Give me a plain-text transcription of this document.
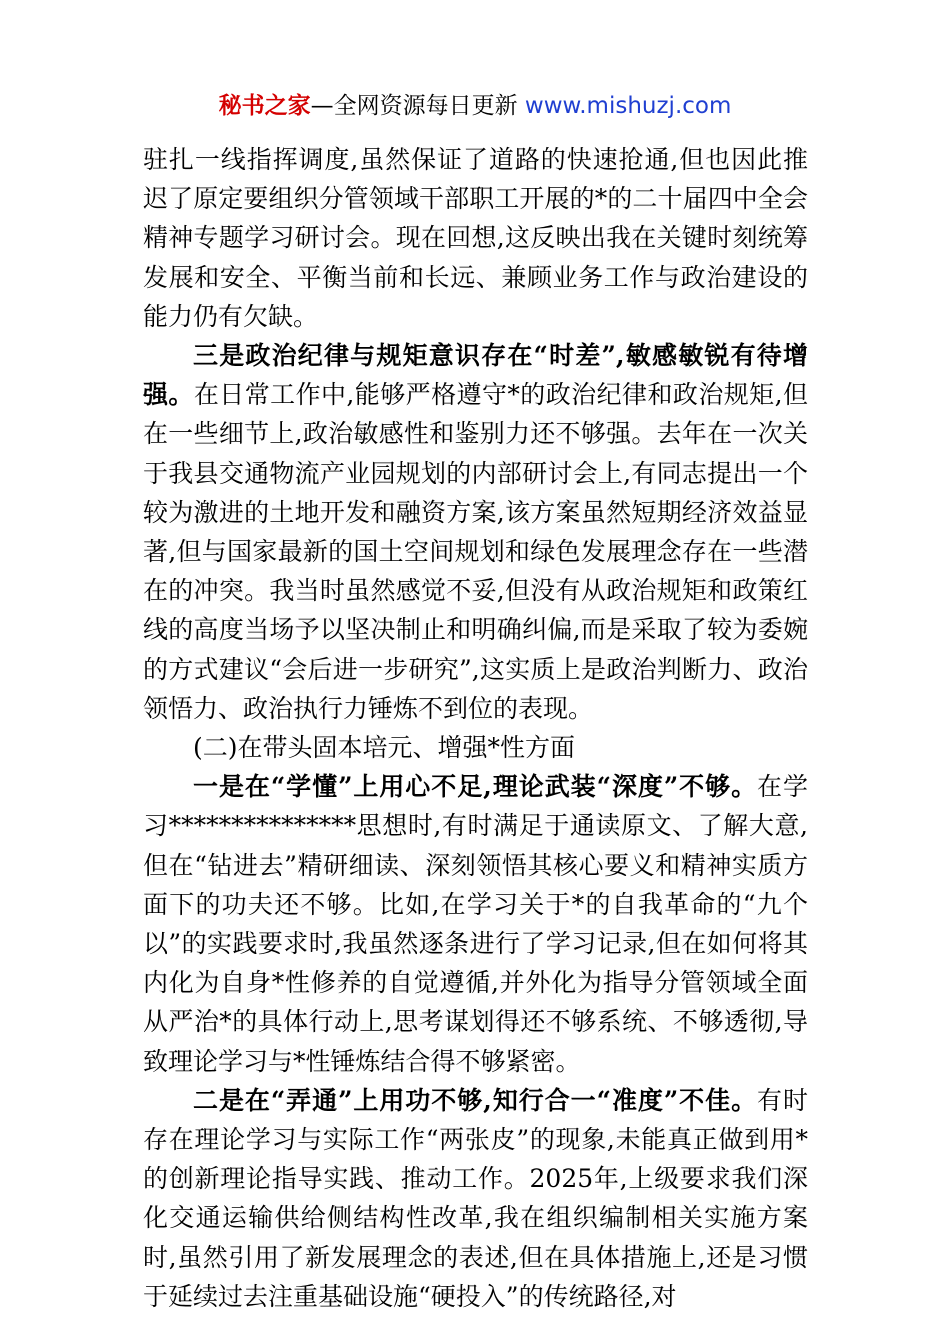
秘书之家—全网资源每日更新 www.mishuzj.com

驻扎一线指挥调度,虽然保证了道路的快速抢通,但也因此推迟了原定要组织分管领域干部职工开展的*的二十届四中全会精神专题学习研讨会。现在回想,这反映出我在关键时刻统筹发展和安全、平衡当前和长远、兼顾业务工作与政治建设的能力仍有欠缺。

三是政治纪律与规矩意识存在“时差”,敏感敏锐有待增强。在日常工作中,能够严格遵守*的政治纪律和政治规矩,但在一些细节上,政治敏感性和鉴别力还不够强。去年在一次关于我县交通物流产业园规划的内部研讨会上,有同志提出一个较为激进的土地开发和融资方案,该方案虽然短期经济效益显著,但与国家最新的国土空间规划和绿色发展理念存在一些潜在的冲突。我当时虽然感觉不妥,但没有从政治规矩和政策红线的高度当场予以坚决制止和明确纠偏,而是采取了较为委婉的方式建议“会后进一步研究”,这实质上是政治判断力、政治领悟力、政治执行力锤炼不到位的表现。

(二)在带头固本培元、增强*性方面

一是在“学懂”上用心不足,理论武装“深度”不够。在学习***************思想时,有时满足于通读原文、了解大意,但在“钻进去”精研细读、深刻领悟其核心要义和精神实质方面下的功夫还不够。比如,在学习关于*的自我革命的“九个以”的实践要求时,我虽然逐条进行了学习记录,但在如何将其内化为自身*性修养的自觉遵循,并外化为指导分管领域全面从严治*的具体行动上,思考谋划得还不够系统、不够透彻,导致理论学习与*性锤炼结合得不够紧密。

二是在“弄通”上用功不够,知行合一“准度”不佳。有时存在理论学习与实际工作“两张皮”的现象,未能真正做到用*的创新理论指导实践、推动工作。2025年,上级要求我们深化交通运输供给侧结构性改革,我在组织编制相关实施方案时,虽然引用了新发展理念的表述,但在具体措施上,还是习惯于延续过去注重基础设施“硬投入”的传统路径,对
